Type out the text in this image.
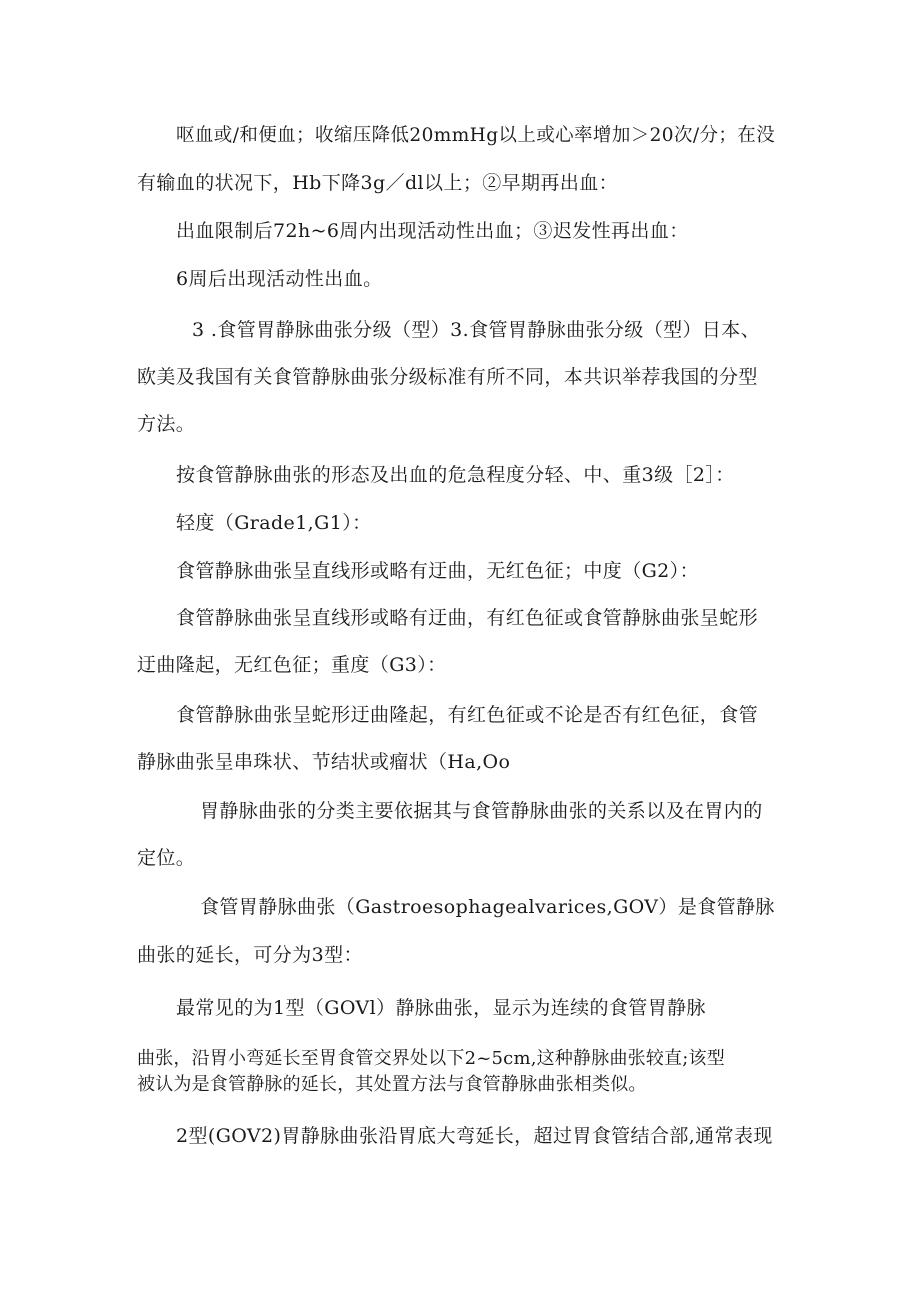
呕血或/和便血；收缩压降低20mmHg以上或心率增加＞20次/分；在没
有输血的状况下，Hb下降3g／dl以上；②早期再出血：
出血限制后72h~6周内出现活动性出血；③迟发性再出血：
6周后出现活动性出血。
3 .食管胃静脉曲张分级（型）3.食管胃静脉曲张分级（型）日本、
欧美及我国有关食管静脉曲张分级标准有所不同，本共识举荐我国的分型
方法。
按食管静脉曲张的形态及出血的危急程度分轻、中、重3级［2］：
轻度（Grade1,G1）：
食管静脉曲张呈直线形或略有迂曲，无红色征；中度（G2）：
食管静脉曲张呈直线形或略有迂曲，有红色征或食管静脉曲张呈蛇形
迂曲隆起，无红色征；重度（G3）：
食管静脉曲张呈蛇形迂曲隆起，有红色征或不论是否有红色征，食管
静脉曲张呈串珠状、节结状或瘤状（Ha,Oo
胃静脉曲张的分类主要依据其与食管静脉曲张的关系以及在胃内的
定位。
食管胃静脉曲张（Gastroesophagealvarices,GOV）是食管静脉
曲张的延长，可分为3型：
最常见的为1型（GOVl）静脉曲张，显示为连续的食管胃静脉
曲张，沿胃小弯延长至胃食管交界处以下2~5cm,这种静脉曲张较直;该型
被认为是食管静脉的延长，其处置方法与食管静脉曲张相类似。
2型(GOV2)胃静脉曲张沿胃底大弯延长，超过胃食管结合部,通常表现
